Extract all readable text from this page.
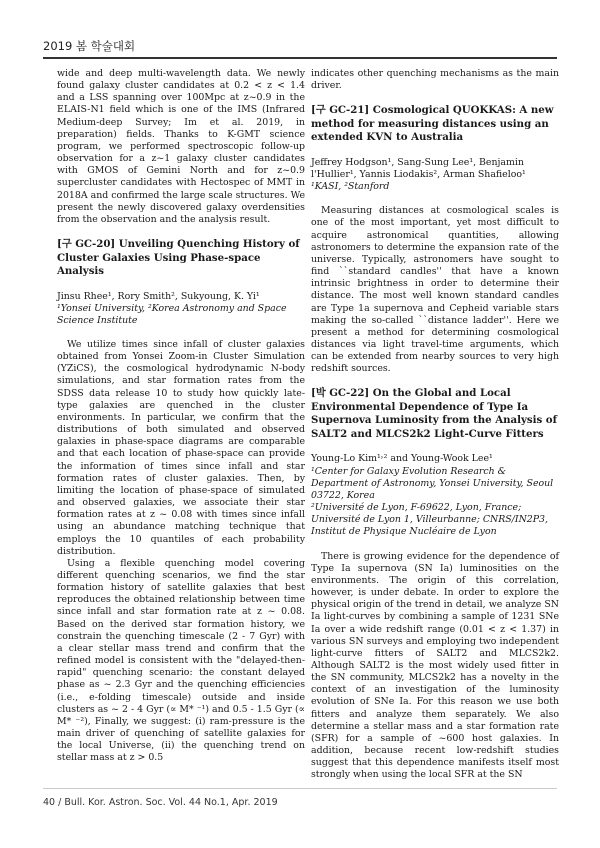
2019 봄 학술대회

wide and deep multi-wavelength data. We newly found galaxy cluster candidates at 0.2 < z < 1.4 and a LSS spanning over 100Mpc at z~0.9 in the ELAIS-N1 field which is one of the IMS (Infrared Medium-deep Survey; Im et al. 2019, in preparation) fields. Thanks to K-GMT science program, we performed spectroscopic follow-up observation for a z~1 galaxy cluster candidates with GMOS of Gemini North and for z~0.9 supercluster candidates with Hectospec of MMT in 2018A and confirmed the large scale structures. We present the newly discovered galaxy overdensities from the observation and the analysis result.

[구 GC-20] Unveiling Quenching History of Cluster Galaxies Using Phase-space Analysis

Jinsu Rhee¹, Rory Smith², Sukyoung, K. Yi¹

¹Yonsei University, ²Korea Astronomy and Space Science Institute

We utilize times since infall of cluster galaxies obtained from Yonsei Zoom-in Cluster Simulation (YZiCS), the cosmological hydrodynamic N-body simulations, and star formation rates from the SDSS data release 10 to study how quickly late-type galaxies are quenched in the cluster environments. In particular, we confirm that the distributions of both simulated and observed galaxies in phase-space diagrams are comparable and that each location of phase-space can provide the information of times since infall and star formation rates of cluster galaxies. Then, by limiting the location of phase-space of simulated and observed galaxies, we associate their star formation rates at z ~ 0.08 with times since infall using an abundance matching technique that employs the 10 quantiles of each probability distribution.

Using a flexible quenching model covering different quenching scenarios, we find the star formation history of satellite galaxies that best reproduces the obtained relationship between time since infall and star formation rate at z ~ 0.08. Based on the derived star formation history, we constrain the quenching timescale (2 - 7 Gyr) with a clear stellar mass trend and confirm that the refined model is consistent with the "delayed-then-rapid" quenching scenario: the constant delayed phase as ~ 2.3 Gyr and the quenching efficiencies (i.e., e-folding timescale) outside and inside clusters as ~ 2 - 4 Gyr (∝ M* ⁻¹) and 0.5 - 1.5 Gyr (∝ M* ⁻²), Finally, we suggest: (i) ram-pressure is the main driver of quenching of satellite galaxies for the local Universe, (ii) the quenching trend on stellar mass at z > 0.5

indicates other quenching mechanisms as the main driver.

[구 GC-21] Cosmological QUOKKAS: A new method for measuring distances using an extended KVN to Australia

Jeffrey Hodgson¹, Sang-Sung Lee¹, Benjamin l'Hullier¹, Yannis Liodakis², Arman Shafieloo¹

¹KASI, ²Stanford

Measuring distances at cosmological scales is one of the most important, yet most difficult to acquire astronomical quantities, allowing astronomers to determine the expansion rate of the universe. Typically, astronomers have sought to find ``standard candles'' that have a known intrinsic brightness in order to determine their distance. The most well known standard candles are Type 1a supernova and Cepheid variable stars making the so-called ``distance ladder''. Here we present a method for determining cosmological distances via light travel-time arguments, which can be extended from nearby sources to very high redshift sources.

[박 GC-22] On the Global and Local Environmental Dependence of Type Ia Supernova Luminosity from the Analysis of SALT2 and MLCS2k2 Light-Curve Fitters

Young-Lo Kim¹˒² and Young-Wook Lee¹

¹Center for Galaxy Evolution Research & Department of Astronomy, Yonsei University, Seoul 03722, Korea

²Université de Lyon, F-69622, Lyon, France; Université de Lyon 1, Villeurbanne; CNRS/IN2P3, Institut de Physique Nucléaire de Lyon

There is growing evidence for the dependence of Type Ia supernova (SN Ia) luminosities on the environments. The origin of this correlation, however, is under debate. In order to explore the physical origin of the trend in detail, we analyze SN Ia light-curves by combining a sample of 1231 SNe Ia over a wide redshift range (0.01 < z < 1.37) in various SN surveys and employing two independent light-curve fitters of SALT2 and MLCS2k2. Although SALT2 is the most widely used fitter in the SN community, MLCS2k2 has a novelty in the context of an investigation of the luminosity evolution of SNe Ia. For this reason we use both fitters and analyze them separately. We also determine a stellar mass and a star formation rate (SFR) for a sample of ~600 host galaxies. In addition, because recent low-redshift studies suggest that this dependence manifests itself most strongly when using the local SFR at the SN

40 / Bull. Kor. Astron. Soc. Vol. 44 No.1, Apr. 2019
